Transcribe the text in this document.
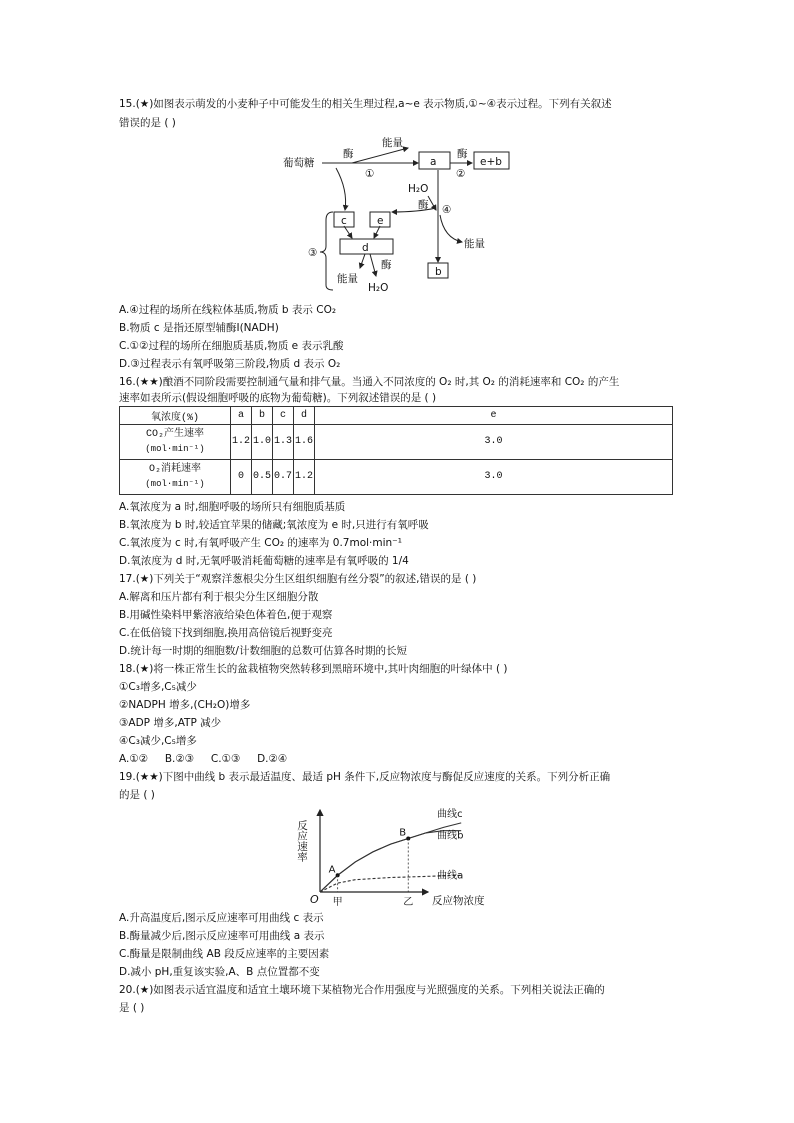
15.(★)如图表示萌发的小麦种子中可能发生的相关生理过程,a~e 表示物质,①~④表示过程。下列有关叙述
错误的是 ( )
葡萄糖
酶
能量
①
a
酶
②
e+b
H₂O
酶 ④
c	e
能量
d
③
酶
能量
H₂O
b
A.④过程的场所在线粒体基质,物质 b 表示 CO₂
B.物质 c 是指还原型辅酶Ⅰ(NADH)
C.①②过程的场所在细胞质基质,物质 e 表示乳酸
D.③过程表示有氧呼吸第三阶段,物质 d 表示 O₂
16.(★★)酿酒不同阶段需要控制通气量和排气量。当通入不同浓度的 O₂ 时,其 O₂ 的消耗速率和 CO₂ 的产生
速率如表所示(假设细胞呼吸的底物为葡萄糖)。下列叙述错误的是 ( )
氧浓度(%)	a	b	c	d	e
CO₂产生速率
(mol·min⁻¹)	1.2	1.0	1.3	1.6	3.0
O₂消耗速率
(mol·min⁻¹)	0	0.5	0.7	1.2	3.0
A.氧浓度为 a 时,细胞呼吸的场所只有细胞质基质
B.氧浓度为 b 时,较适宜苹果的储藏;氧浓度为 e 时,只进行有氧呼吸
C.氧浓度为 c 时,有氧呼吸产生 CO₂ 的速率为 0.7mol·min⁻¹
D.氧浓度为 d 时,无氧呼吸消耗葡萄糖的速率是有氧呼吸的 1/4
17.(★)下列关于“观察洋葱根尖分生区组织细胞有丝分裂”的叙述,错误的是 ( )
A.解离和压片都有利于根尖分生区细胞分散
B.用碱性染料甲紫溶液给染色体着色,便于观察
C.在低倍镜下找到细胞,换用高倍镜后视野变亮
D.统计每一时期的细胞数/计数细胞的总数可估算各时期的长短
18.(★)将一株正常生长的盆栽植物突然转移到黑暗环境中,其叶肉细胞的叶绿体中 ( )
①C₃增多,C₅减少
②NADPH 增多,(CH₂O)增多
③ADP 增多,ATP 减少
④C₃减少,C₅增多
A.①②     B.②③     C.①③     D.②④
19.(★★)下图中曲线 b 表示最适温度、最适 pH 条件下,反应物浓度与酶促反应速度的关系。下列分析正确
的是 ( )
反应速率
O
曲线c
曲线b
曲线a
A
B
甲	乙 反应物浓度
A.升高温度后,图示反应速率可用曲线 c 表示
B.酶量减少后,图示反应速率可用曲线 a 表示
C.酶量是限制曲线 AB 段反应速率的主要因素
D.减小 pH,重复该实验,A、B 点位置都不变
20.(★)如图表示适宜温度和适宜土壤环境下某植物光合作用强度与光照强度的关系。下列相关说法正确的
是 ( )
